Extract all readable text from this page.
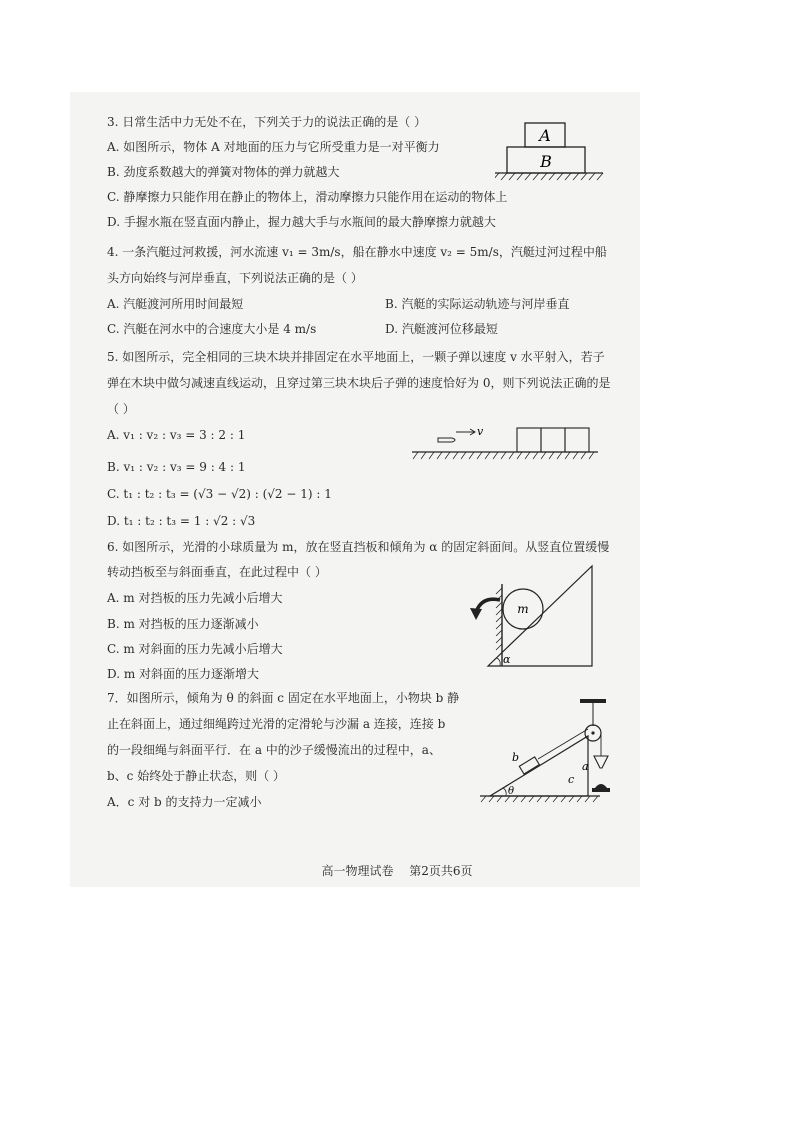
3. 日常生活中力无处不在，下列关于力的说法正确的是（ ）
A. 如图所示，物体 A 对地面的压力与它所受重力是一对平衡力
B. 劲度系数越大的弹簧对物体的弹力就越大
C. 静摩擦力只能作用在静止的物体上，滑动摩擦力只能作用在运动的物体上
D. 手握水瓶在竖直面内静止，握力越大手与水瓶间的最大静摩擦力就越大
A
B
4. 一条汽艇过河救援，河水流速 v₁ = 3m/s，船在静水中速度 v₂ = 5m/s，汽艇过河过程中船
头方向始终与河岸垂直，下列说法正确的是（ ）
A. 汽艇渡河所用时间最短	B. 汽艇的实际运动轨迹与河岸垂直
C. 汽艇在河水中的合速度大小是 4 m/s	D. 汽艇渡河位移最短
5. 如图所示，完全相同的三块木块并排固定在水平地面上，一颗子弹以速度 v 水平射入，若子
弹在木块中做匀减速直线运动，且穿过第三块木块后子弹的速度恰好为 0，则下列说法正确的是
（ ）
A. v₁ : v₂ : v₃ = 3 : 2 : 1
B. v₁ : v₂ : v₃ = 9 : 4 : 1
C. t₁ : t₂ : t₃ = (√3 − √2) : (√2 − 1) : 1
D. t₁ : t₂ : t₃ = 1 : √2 : √3
v
6. 如图所示，光滑的小球质量为 m，放在竖直挡板和倾角为 α 的固定斜面间。从竖直位置缓慢
转动挡板至与斜面垂直，在此过程中（ ）
A. m 对挡板的压力先减小后增大
B. m 对挡板的压力逐渐减小
C. m 对斜面的压力先减小后增大
D. m 对斜面的压力逐渐增大
m
α
7．如图所示，倾角为 θ 的斜面 c 固定在水平地面上，小物块 b 静
止在斜面上，通过细绳跨过光滑的定滑轮与沙漏 a 连接，连接 b
的一段细绳与斜面平行．在 a 中的沙子缓慢流出的过程中，a、
b、c 始终处于静止状态，则（ ）
A．c 对 b 的支持力一定减小
b
a
c
θ
高一物理试卷 第2页共6页
